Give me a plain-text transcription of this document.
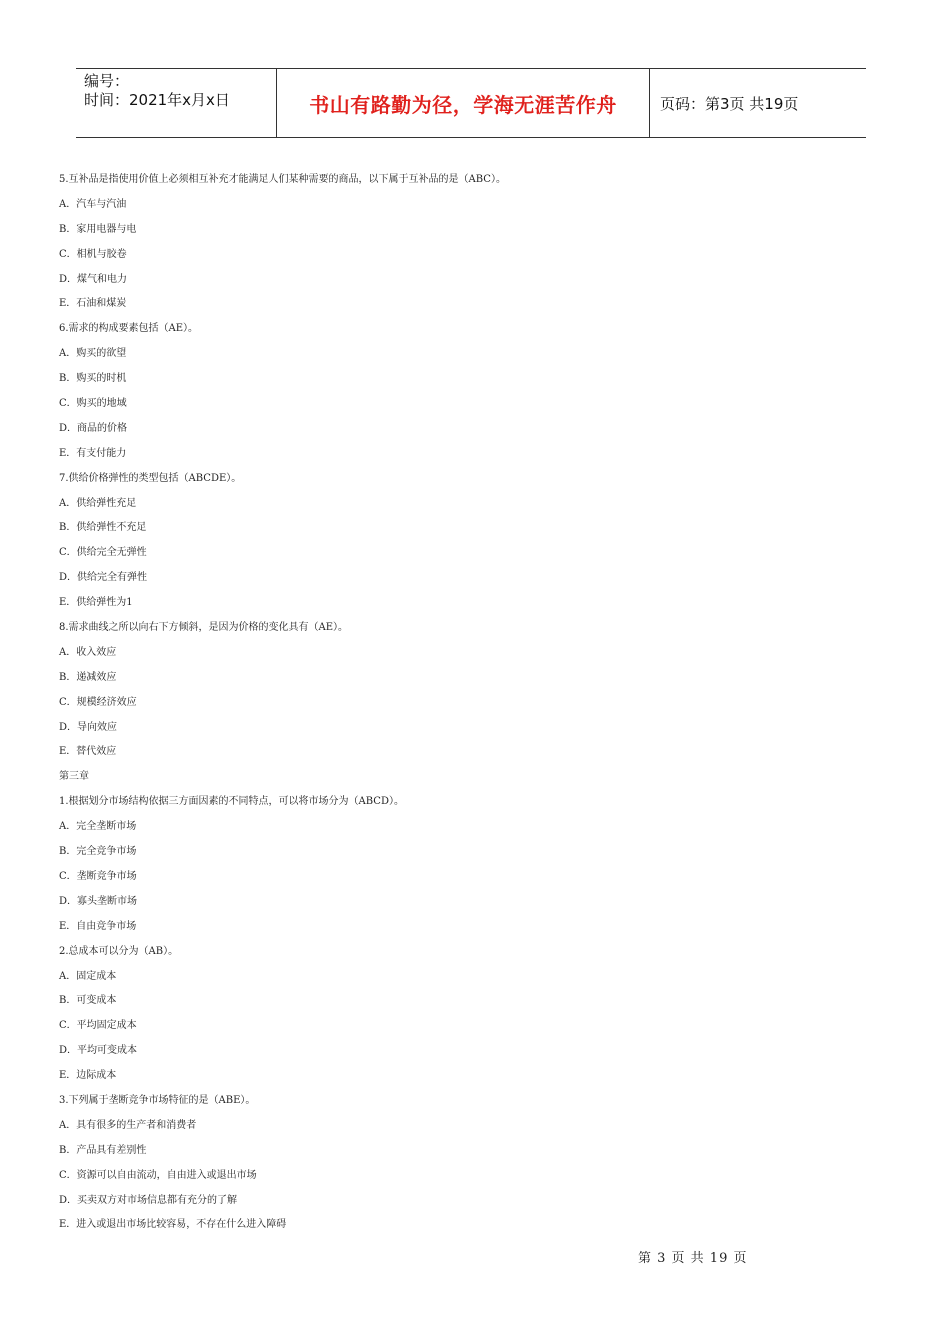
编号：
时间：2021年x月x日	书山有路勤为径，学海无涯苦作舟	页码：第3页 共19页
5.互补品是指使用价值上必须相互补充才能满足人们某种需要的商品，以下属于互补品的是（ABC）。
A．汽车与汽油
B．家用电器与电
C．相机与胶卷
D．煤气和电力
E．石油和煤炭
6.需求的构成要素包括（AE）。
A．购买的欲望
B．购买的时机
C．购买的地域
D．商品的价格
E．有支付能力
7.供给价格弹性的类型包括（ABCDE）。
A．供给弹性充足
B．供给弹性不充足
C．供给完全无弹性
D．供给完全有弹性
E．供给弹性为1
8.需求曲线之所以向右下方倾斜，是因为价格的变化具有（AE）。
A．收入效应
B．递减效应
C．规模经济效应
D．导向效应
E．替代效应
第三章
1.根据划分市场结构依据三方面因素的不同特点，可以将市场分为（ABCD）。
A．完全垄断市场
B．完全竞争市场
C．垄断竞争市场
D．寡头垄断市场
E．自由竞争市场
2.总成本可以分为（AB）。
A．固定成本
B．可变成本
C．平均固定成本
D．平均可变成本
E．边际成本
3.下列属于垄断竞争市场特征的是（ABE）。
A．具有很多的生产者和消费者
B．产品具有差别性
C．资源可以自由流动，自由进入或退出市场
D．买卖双方对市场信息都有充分的了解
E．进入或退出市场比较容易，不存在什么进入障碍
第 3 页 共 19 页
